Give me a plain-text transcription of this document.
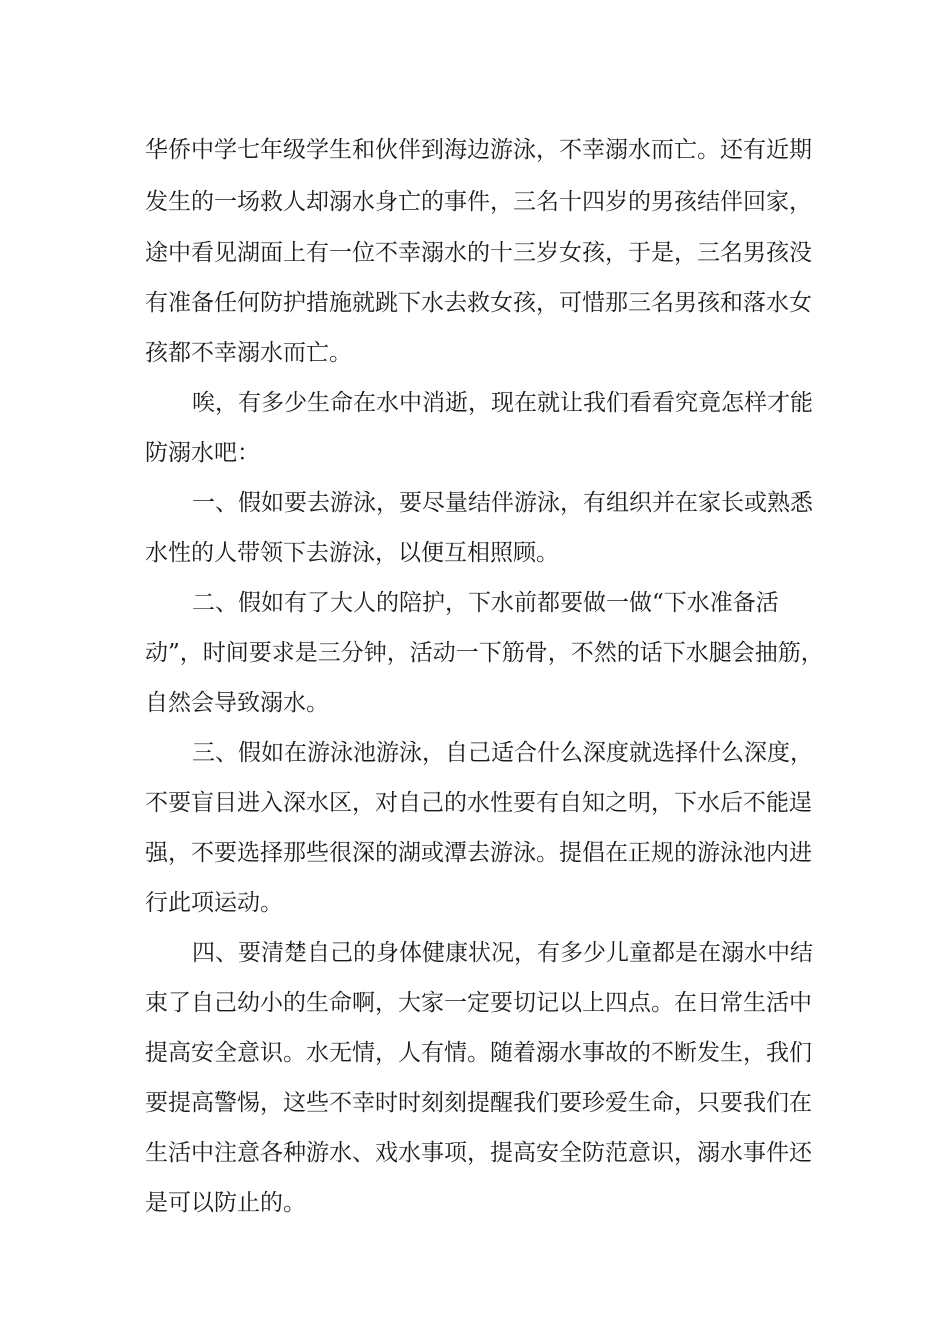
华侨中学七年级学生和伙伴到海边游泳，不幸溺水而亡。还有近期

发生的一场救人却溺水身亡的事件，三名十四岁的男孩结伴回家，

途中看见湖面上有一位不幸溺水的十三岁女孩，于是，三名男孩没

有准备任何防护措施就跳下水去救女孩，可惜那三名男孩和落水女

孩都不幸溺水而亡。

唉，有多少生命在水中消逝，现在就让我们看看究竟怎样才能

防溺水吧：

一、假如要去游泳，要尽量结伴游泳，有组织并在家长或熟悉

水性的人带领下去游泳，以便互相照顾。

二、假如有了大人的陪护，下水前都要做一做“下水准备活

动”，时间要求是三分钟，活动一下筋骨，不然的话下水腿会抽筋，

自然会导致溺水。

三、假如在游泳池游泳，自己适合什么深度就选择什么深度，

不要盲目进入深水区，对自己的水性要有自知之明，下水后不能逞

强，不要选择那些很深的湖或潭去游泳。提倡在正规的游泳池内进

行此项运动。

四、要清楚自己的身体健康状况，有多少儿童都是在溺水中结

束了自己幼小的生命啊，大家一定要切记以上四点。在日常生活中

提高安全意识。水无情，人有情。随着溺水事故的不断发生，我们

要提高警惕，这些不幸时时刻刻提醒我们要珍爱生命，只要我们在

生活中注意各种游水、戏水事项，提高安全防范意识，溺水事件还

是可以防止的。
